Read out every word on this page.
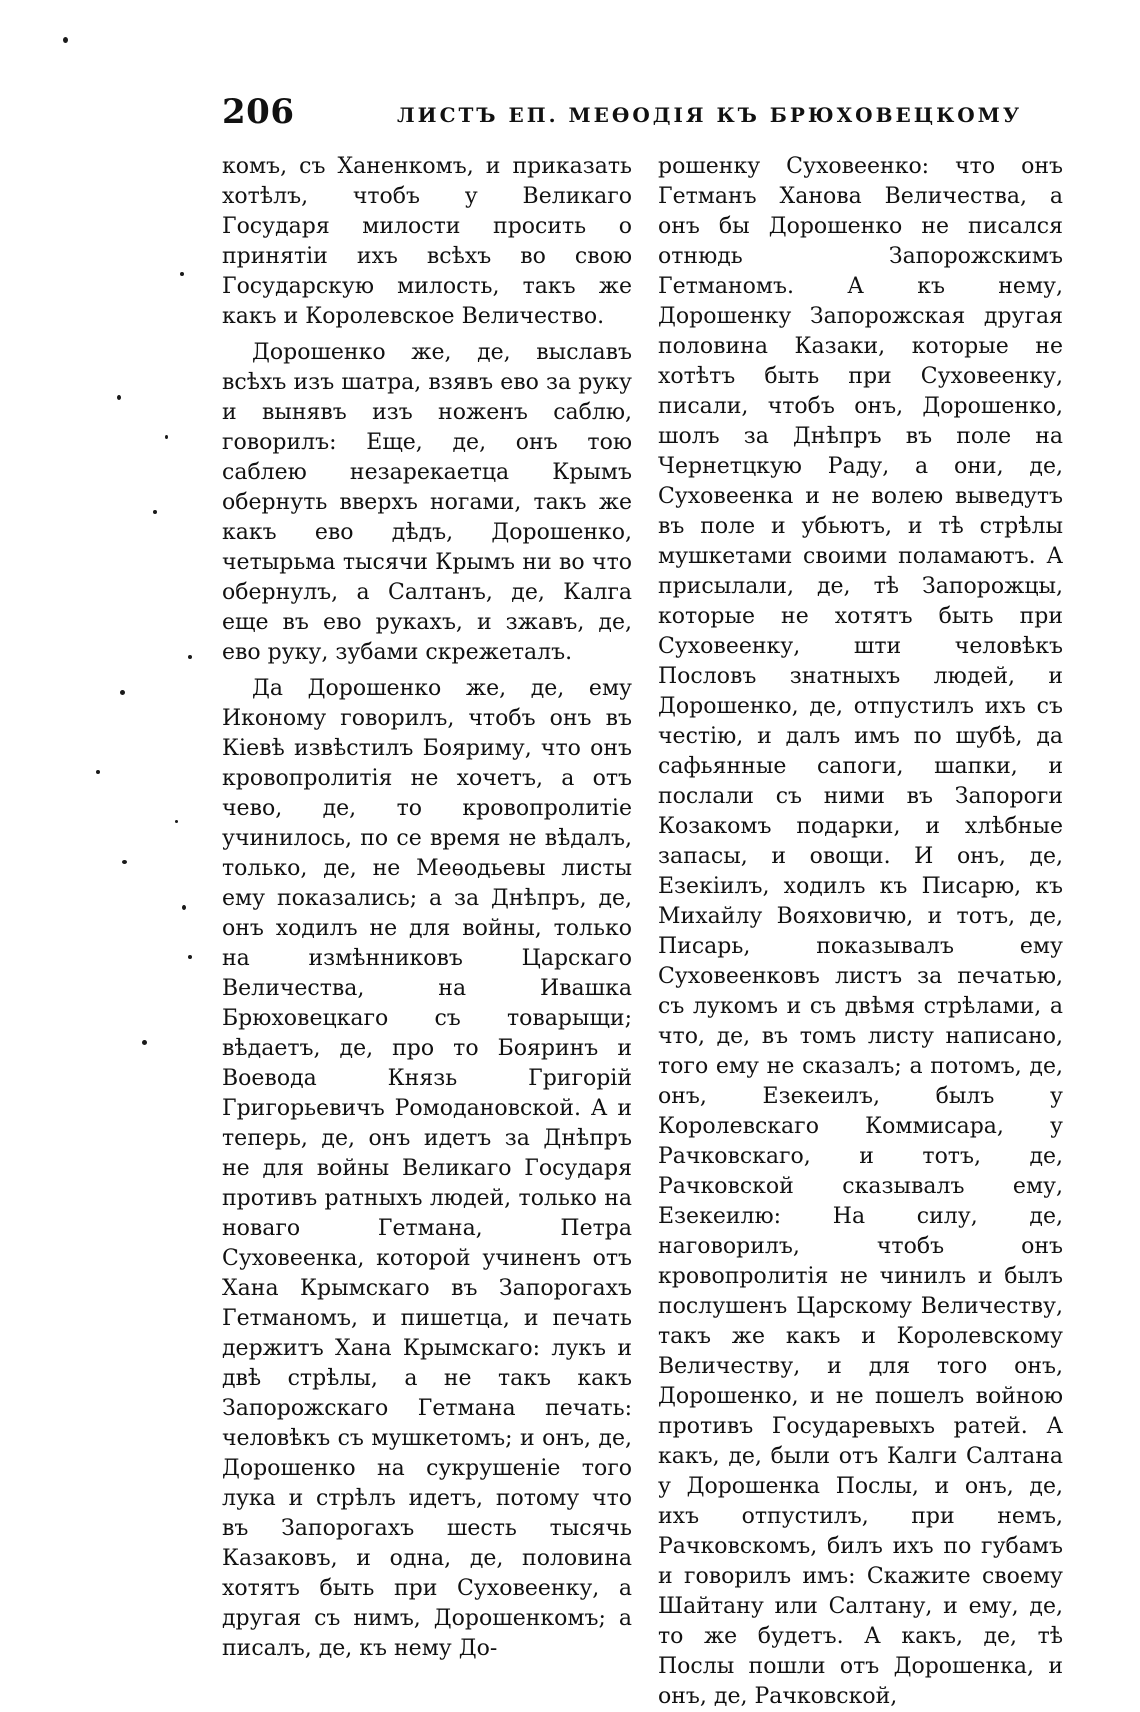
206	ЛИСТЪ ЕП. МЕѲОДІЯ КЪ БРЮХОВЕЦКОМУ

комъ, съ Ханенкомъ, и приказать хотѣлъ, чтобъ у Великаго Государя милости просить о принятіи ихъ всѣхъ во свою Государскую милость, такъ же какъ и Королевское Величество.

Дорошенко же, де, выславъ всѣхъ изъ шатра, взявъ ево за руку и вынявъ изъ ноженъ саблю, говорилъ: Еще, де, онъ тою саблею незарекаетца Крымъ обернуть вверхъ ногами, такъ же какъ ево дѣдъ, Дорошенко, четырьма тысячи Крымъ ни во что обернулъ, а Салтанъ, де, Калга еще въ ево рукахъ, и зжавъ, де, ево руку, зубами скрежеталъ.

Да Дорошенко же, де, ему Иконому говорилъ, чтобъ онъ въ Кіевѣ извѣстилъ Бояриму, что онъ кровопролитія не хочетъ, а отъ чево, де, то кровопролитіе учинилось, по се время не вѣдалъ, только, де, не Меѳодьевы листы ему показались; а за Днѣпръ, де, онъ ходилъ не для войны, только на измѣнниковъ Царскаго Величества, на Ивашка Брюховецкаго съ товарыщи; вѣдаетъ, де, про то Бояринъ и Воевода Князь Григорій Григорьевичъ Ромодановской. А и теперь, де, онъ идетъ за Днѣпръ не для войны Великаго Государя противъ ратныхъ людей, только на новаго Гетмана, Петра Суховеенка, которой учиненъ отъ Хана Крымскаго въ Запорогахъ Гетманомъ, и пишетца, и печать держитъ Хана Крымскаго: лукъ и двѣ стрѣлы, а не такъ какъ Запорожскаго Гетмана печать: человѣкъ съ мушкетомъ; и онъ, де, Дорошенко на сукрушеніе того лука и стрѣлъ идетъ, потому что въ Запорогахъ шесть тысячь Казаковъ, и одна, де, половина хотятъ быть при Суховеенку, а другая съ нимъ, Дорошенкомъ; а писалъ, де, къ нему До-

рошенку Суховеенко: что онъ Гетманъ Ханова Величества, а онъ бы Дорошенко не писался отнюдь Запорожскимъ Гетманомъ. А къ нему, Дорошенку Запорожская другая половина Казаки, которые не хотѣтъ быть при Суховеенку, писали, чтобъ онъ, Дорошенко, шолъ за Днѣпръ въ поле на Чернетцкую Раду, а они, де, Суховеенка и не волею выведутъ въ поле и убьютъ, и тѣ стрѣлы мушкетами своими поламаютъ. А присылали, де, тѣ Запорожцы, которые не хотятъ быть при Суховеенку, шти человѣкъ Пословъ знатныхъ людей, и Дорошенко, де, отпустилъ ихъ съ честію, и далъ имъ по шубѣ, да сафьянные сапоги, шапки, и послали съ ними въ Запороги Козакомъ подарки, и хлѣбные запасы, и овощи. И онъ, де, Езекіилъ, ходилъ къ Писарю, къ Михайлу Вояховичю, и тотъ, де, Писарь, показывалъ ему Суховеенковъ листъ за печатью, съ лукомъ и съ двѣмя стрѣлами, а что, де, въ томъ листу написано, того ему не сказалъ; а потомъ, де, онъ, Езекеилъ, былъ у Королевскаго Коммисара, у Рачковскаго, и тотъ, де, Рачковской сказывалъ ему, Езекеилю: На силу, де, наговорилъ, чтобъ онъ кровопролитія не чинилъ и былъ послушенъ Царскому Величеству, такъ же какъ и Королевскому Величеству, и для того онъ, Дорошенко, и не пошелъ войною противъ Государевыхъ ратей. А какъ, де, были отъ Калги Салтана у Дорошенка Послы, и онъ, де, ихъ отпустилъ, при немъ, Рачковскомъ, билъ ихъ по губамъ и говорилъ имъ: Скажите своему Шайтану или Салтану, и ему, де, то же будетъ. А какъ, де, тѣ Послы пошли отъ Дорошенка, и онъ, де, Рачковской,
